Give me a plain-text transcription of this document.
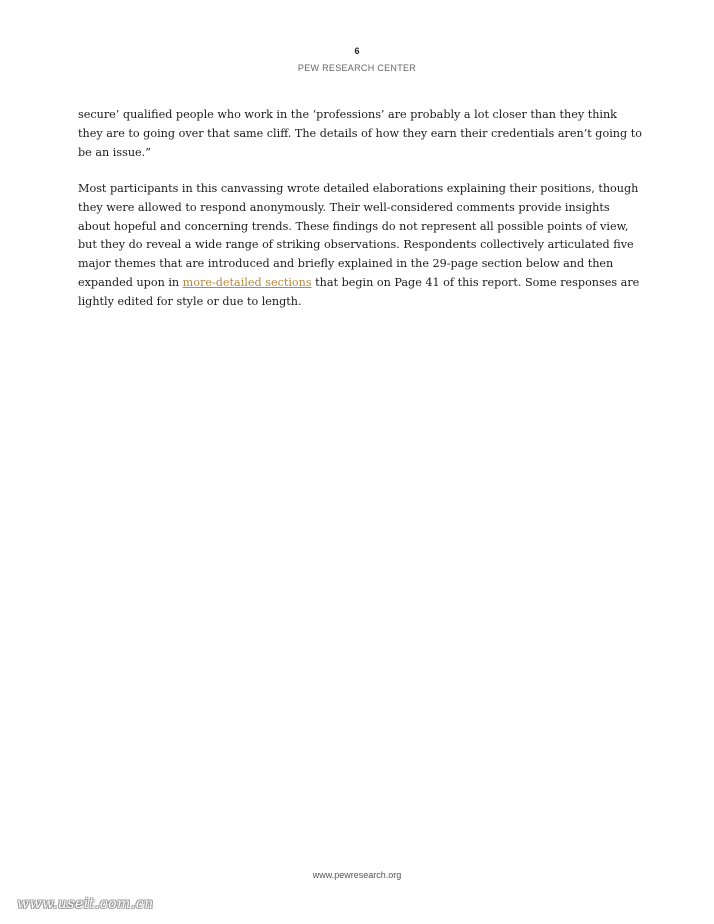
6
PEW RESEARCH CENTER

secure’ qualified people who work in the ‘professions’ are probably a lot closer than they think they are to going over that same cliff. The details of how they earn their credentials aren’t going to be an issue.”

Most participants in this canvassing wrote detailed elaborations explaining their positions, though they were allowed to respond anonymously. Their well-considered comments provide insights about hopeful and concerning trends. These findings do not represent all possible points of view, but they do reveal a wide range of striking observations. Respondents collectively articulated five major themes that are introduced and briefly explained in the 29-page section below and then expanded upon in more-detailed sections that begin on Page 41 of this report. Some responses are lightly edited for style or due to length.

www.pewresearch.org
www.useit.com.cn
